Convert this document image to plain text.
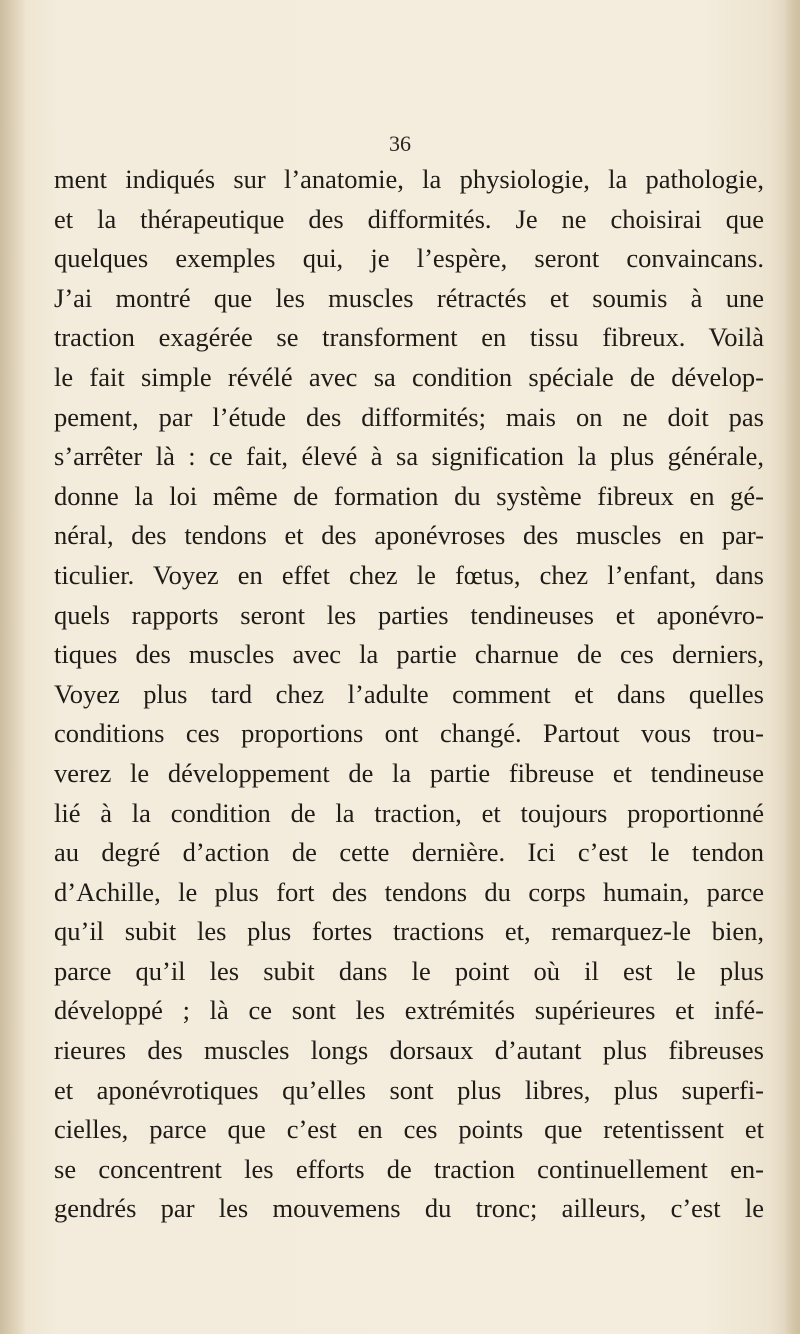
36
ment indiqués sur l’anatomie, la physiologie, la pathologie,
et la thérapeutique des difformités. Je ne choisirai que
quelques exemples qui, je l’espère, seront convaincans.
J’ai montré que les muscles rétractés et soumis à une
traction exagérée se transforment en tissu fibreux. Voilà
le fait simple révélé avec sa condition spéciale de dévelop-
pement, par l’étude des difformités; mais on ne doit pas
s’arrêter là : ce fait, élevé à sa signification la plus générale,
donne la loi même de formation du système fibreux en gé-
néral, des tendons et des aponévroses des muscles en par-
ticulier. Voyez en effet chez le fœtus, chez l’enfant, dans
quels rapports seront les parties tendineuses et aponévro-
tiques des muscles avec la partie charnue de ces derniers,
Voyez plus tard chez l’adulte comment et dans quelles
conditions ces proportions ont changé. Partout vous trou-
verez le développement de la partie fibreuse et tendineuse
lié à la condition de la traction, et toujours proportionné
au degré d’action de cette dernière. Ici c’est le tendon
d’Achille, le plus fort des tendons du corps humain, parce
qu’il subit les plus fortes tractions et, remarquez-le bien,
parce qu’il les subit dans le point où il est le plus
développé ; là ce sont les extrémités supérieures et infé-
rieures des muscles longs dorsaux d’autant plus fibreuses
et aponévrotiques qu’elles sont plus libres, plus superfi-
cielles, parce que c’est en ces points que retentissent et
se concentrent les efforts de traction continuellement en-
gendrés par les mouvemens du tronc; ailleurs, c’est le
